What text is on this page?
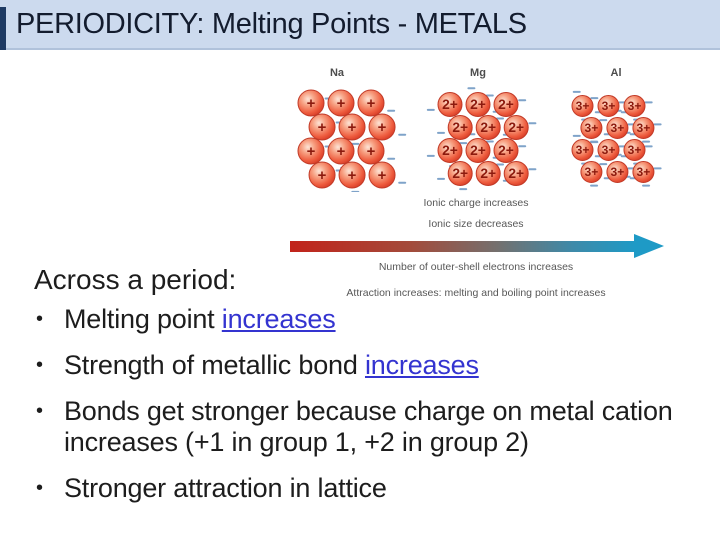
PERIODICITY: Melting Points - METALS
Na
+ + +
+ + +
+ + +
+ + +
Mg
2+ 2+ 2+
2+ 2+ 2+
2+ 2+ 2+
2+ 2+ 2+
Al
3+ 3+ 3+
3+ 3+ 3+
3+ 3+ 3+
3+ 3+ 3+
Ionic charge increases
Ionic size decreases
Number of outer-shell electrons increases
Attraction increases: melting and boiling point increases
Across a period:
• Melting point increases
• Strength of metallic bond increases
• Bonds get stronger because charge on metal cation increases (+1 in group 1, +2 in group 2)
• Stronger attraction in lattice
